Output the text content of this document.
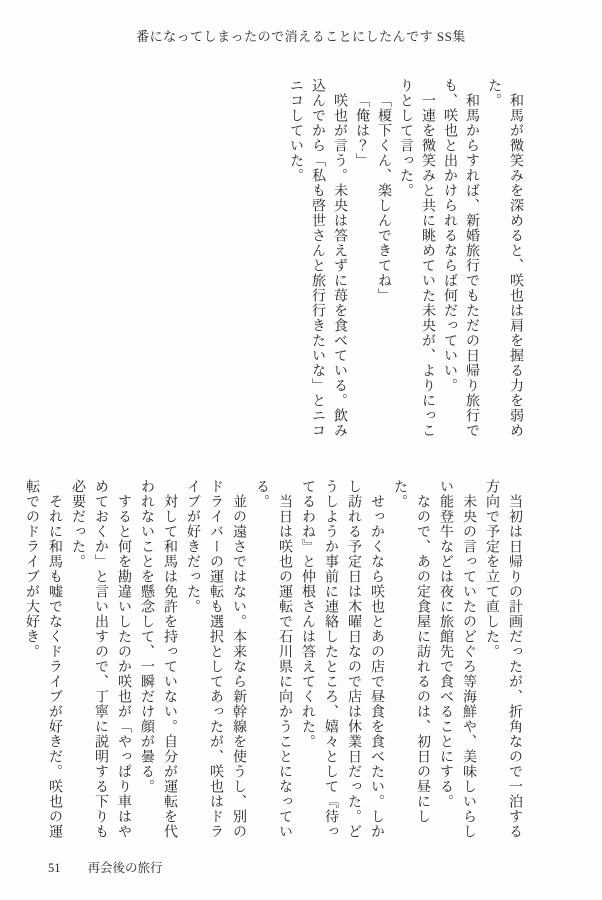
番になってしまったので消えることにしたんです SS集

和馬が微笑みを深めると、咲也は肩を握る力を弱めた。

和馬からすれば、新婚旅行でもただの日帰り旅行でも、咲也と出かけられるならば何だっていい。

一連を微笑みと共に眺めていた未央が、よりにっこりとして言った。

「榎下くん、楽しんできてね」

「俺は？」

咲也が言う。未央は答えずに苺を食べている。飲み込んでから「私も啓世さんと旅行行きたいな」とニコニコしていた。

当初は日帰りの計画だったが、折角なので一泊する方向で予定を立て直した。

未央の言っていたのどぐろ等海鮮や、美味しいらしい能登牛などは夜に旅館先で食べることにする。

なので、あの定食屋に訪れるのは、初日の昼にした。

せっかくなら咲也とあの店で昼食を食べたい。しかし訪れる予定日は木曜日なので店は休業日だった。どうしようか事前に連絡したところ、嬉々として『待ってるわね』と仲根さんは答えてくれた。

当日は咲也の運転で石川県に向かうことになっている。

並の遠さではない。本来なら新幹線を使うし、別のドライバーの運転も選択としてあったが、咲也はドライブが好きだった。

対して和馬は免許を持っていない。自分が運転を代われないことを懸念して、一瞬だけ顔が曇る。

すると何を勘違いしたのか咲也が「やっぱり車はやめておくか」と言い出すので、丁寧に説明する下りも必要だった。

それに和馬も嘘でなくドライブが好きだ。咲也の運転でのドライブが大好き。

51 再会後の旅行
